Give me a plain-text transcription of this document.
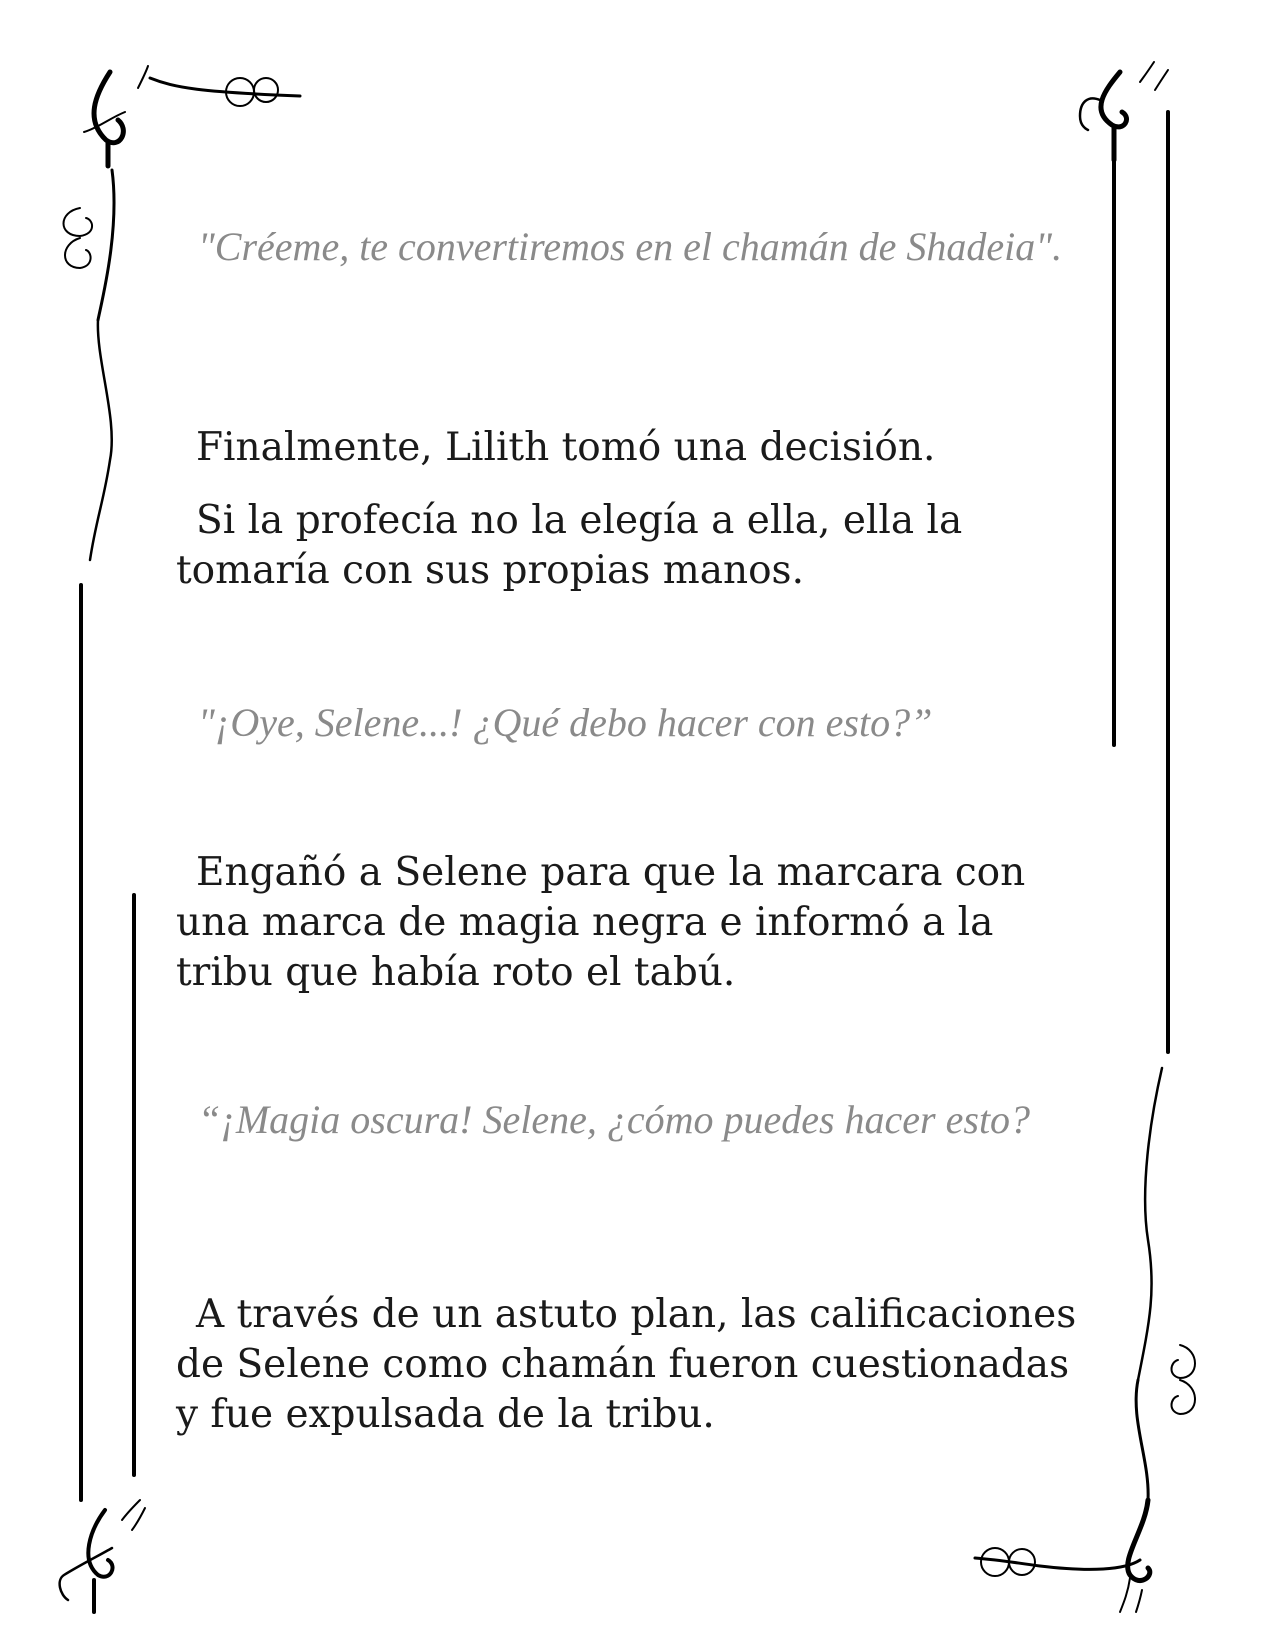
"Créeme, te convertiremos en el chamán de Shadeia".

Finalmente, Lilith tomó una decisión.

Si la profecía no la elegía a ella, ella la tomaría con sus propias manos.

"¡Oye, Selene...! ¿Qué debo hacer con esto?”

Engañó a Selene para que la marcara con una marca de magia negra e informó a la tribu que había roto el tabú.

“¡Magia oscura! Selene, ¿cómo puedes hacer esto?

A través de un astuto plan, las calificaciones de Selene como chamán fueron cuestionadas y fue expulsada de la tribu.
